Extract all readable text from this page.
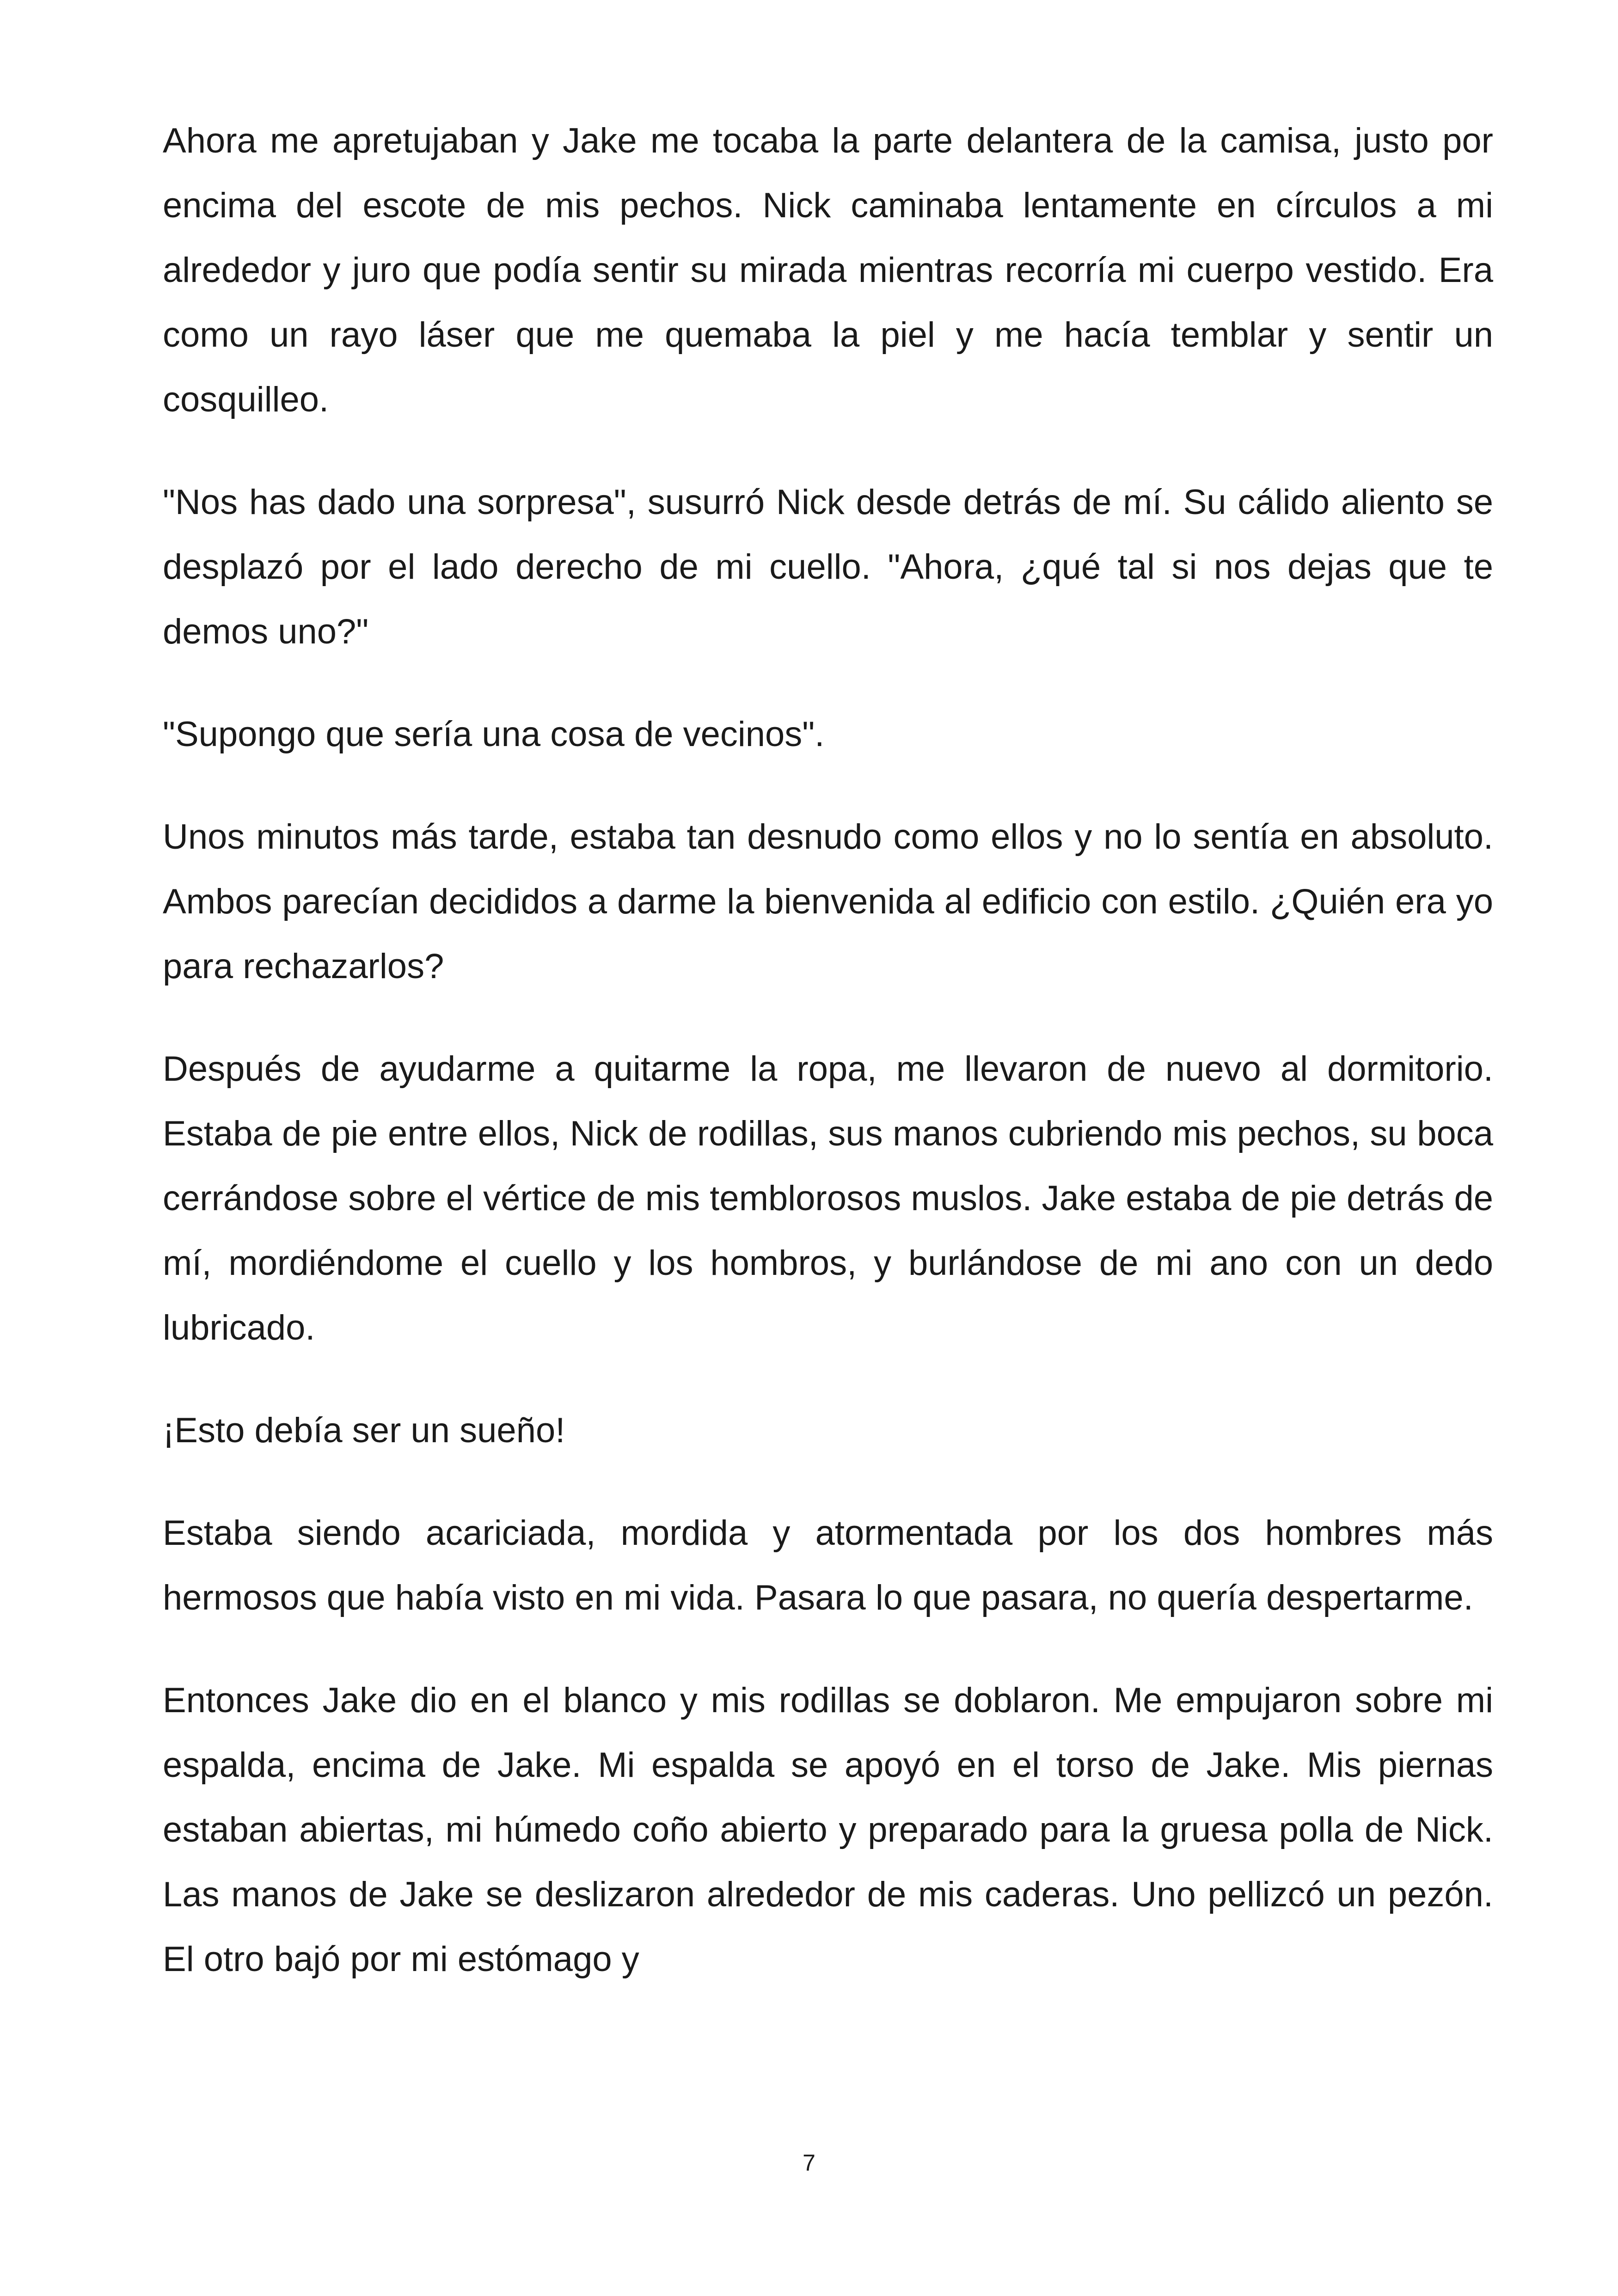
Ahora me apretujaban y Jake me tocaba la parte delantera de la camisa, justo por encima del escote de mis pechos. Nick caminaba lentamente en círculos a mi alrededor y juro que podía sentir su mirada mientras recorría mi cuerpo vestido. Era como un rayo láser que me quemaba la piel y me hacía temblar y sentir un cosquilleo.

"Nos has dado una sorpresa", susurró Nick desde detrás de mí. Su cálido aliento se desplazó por el lado derecho de mi cuello. "Ahora, ¿qué tal si nos dejas que te demos uno?"

"Supongo que sería una cosa de vecinos".

Unos minutos más tarde, estaba tan desnudo como ellos y no lo sentía en absoluto. Ambos parecían decididos a darme la bienvenida al edificio con estilo. ¿Quién era yo para rechazarlos?

Después de ayudarme a quitarme la ropa, me llevaron de nuevo al dormitorio. Estaba de pie entre ellos, Nick de rodillas, sus manos cubriendo mis pechos, su boca cerrándose sobre el vértice de mis temblorosos muslos. Jake estaba de pie detrás de mí, mordiéndome el cuello y los hombros, y burlándose de mi ano con un dedo lubricado.

¡Esto debía ser un sueño!

Estaba siendo acariciada, mordida y atormentada por los dos hombres más hermosos que había visto en mi vida. Pasara lo que pasara, no quería despertarme.

Entonces Jake dio en el blanco y mis rodillas se doblaron. Me empujaron sobre mi espalda, encima de Jake. Mi espalda se apoyó en el torso de Jake. Mis piernas estaban abiertas, mi húmedo coño abierto y preparado para la gruesa polla de Nick. Las manos de Jake se deslizaron alrededor de mis caderas. Uno pellizcó un pezón. El otro bajó por mi estómago y

7
